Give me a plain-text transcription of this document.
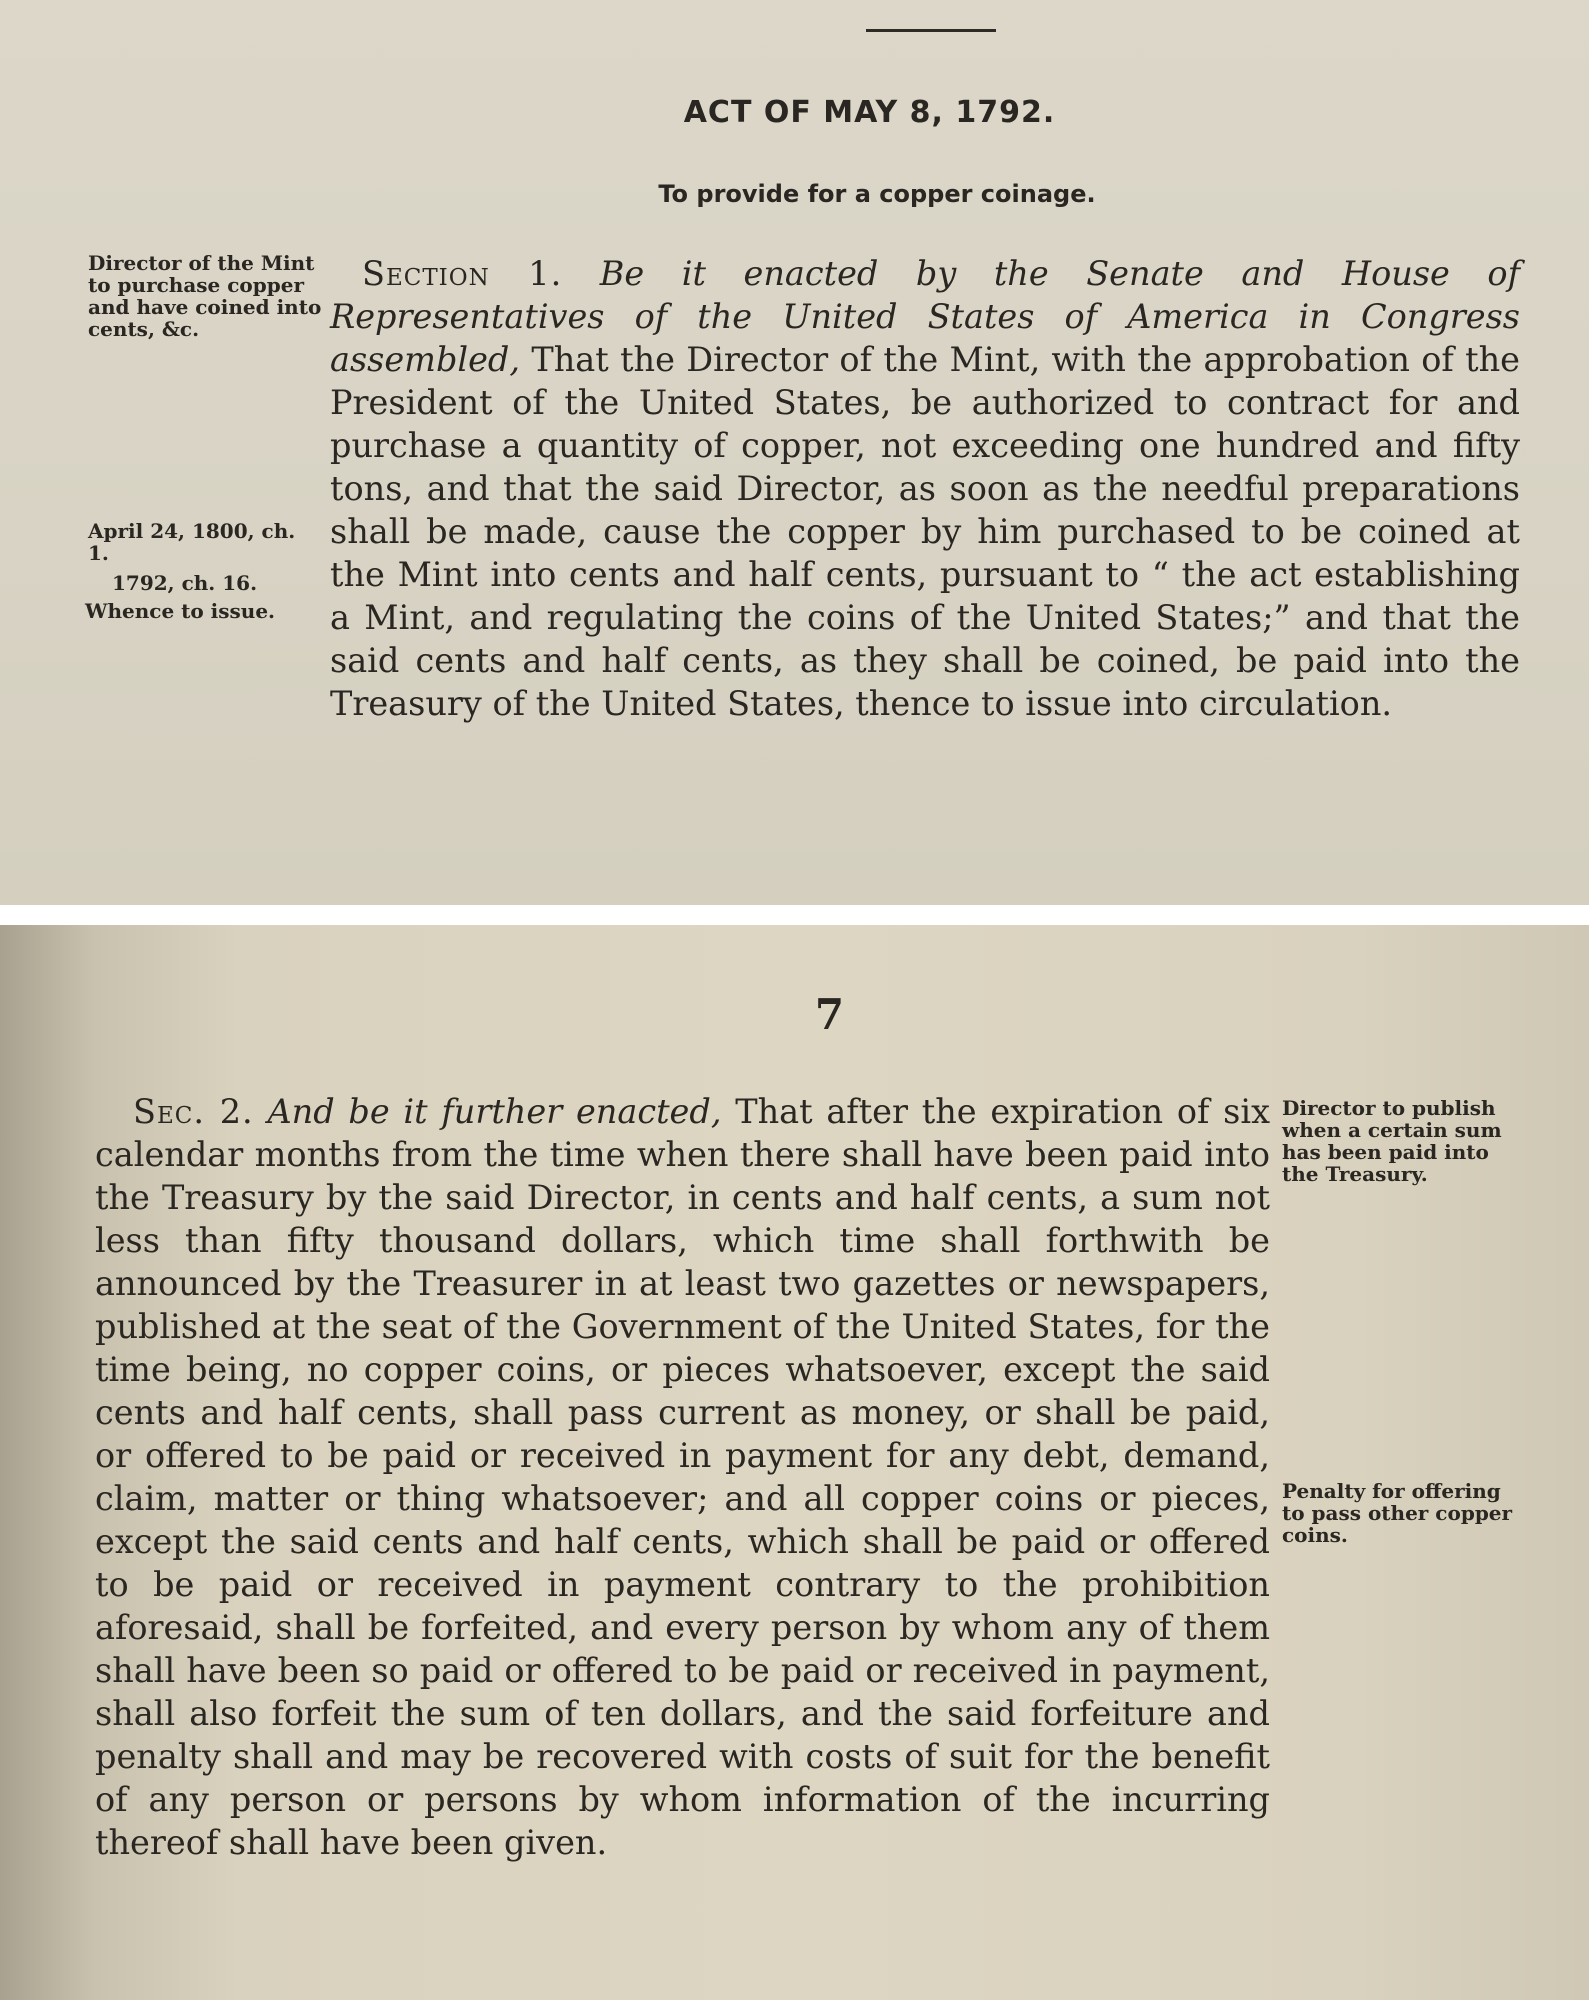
ACT OF MAY 8, 1792.
To provide for a copper coinage.

Director of the Mint to purchase copper and have coined into cents, &c.

April 24, 1800, ch. 1.

1792, ch. 16.

Whence to issue.

Section 1. Be it enacted by the Senate and House of Representatives of the United States of America in Congress assembled, That the Director of the Mint, with the approbation of the President of the United States, be authorized to contract for and purchase a quantity of copper, not exceeding one hundred and fifty tons, and that the said Director, as soon as the needful preparations shall be made, cause the copper by him purchased to be coined at the Mint into cents and half cents, pursuant to “ the act establishing a Mint, and regulating the coins of the United States;” and that the said cents and half cents, as they shall be coined, be paid into the Treasury of the United States, thence to issue into circulation.

7

Director to publish when a certain sum has been paid into the Treasury.

Penalty for offering to pass other copper coins.

Sec. 2. And be it further enacted, That after the expiration of six calendar months from the time when there shall have been paid into the Treasury by the said Director, in cents and half cents, a sum not less than fifty thousand dollars, which time shall forthwith be announced by the Treasurer in at least two gazettes or newspapers, published at the seat of the Government of the United States, for the time being, no copper coins, or pieces whatsoever, except the said cents and half cents, shall pass current as money, or shall be paid, or offered to be paid or received in payment for any debt, demand, claim, matter or thing whatsoever; and all copper coins or pieces, except the said cents and half cents, which shall be paid or offered to be paid or received in payment contrary to the prohibition aforesaid, shall be forfeited, and every person by whom any of them shall have been so paid or offered to be paid or received in payment, shall also forfeit the sum of ten dollars, and the said forfeiture and penalty shall and may be recovered with costs of suit for the benefit of any person or persons by whom information of the incurring thereof shall have been given.
